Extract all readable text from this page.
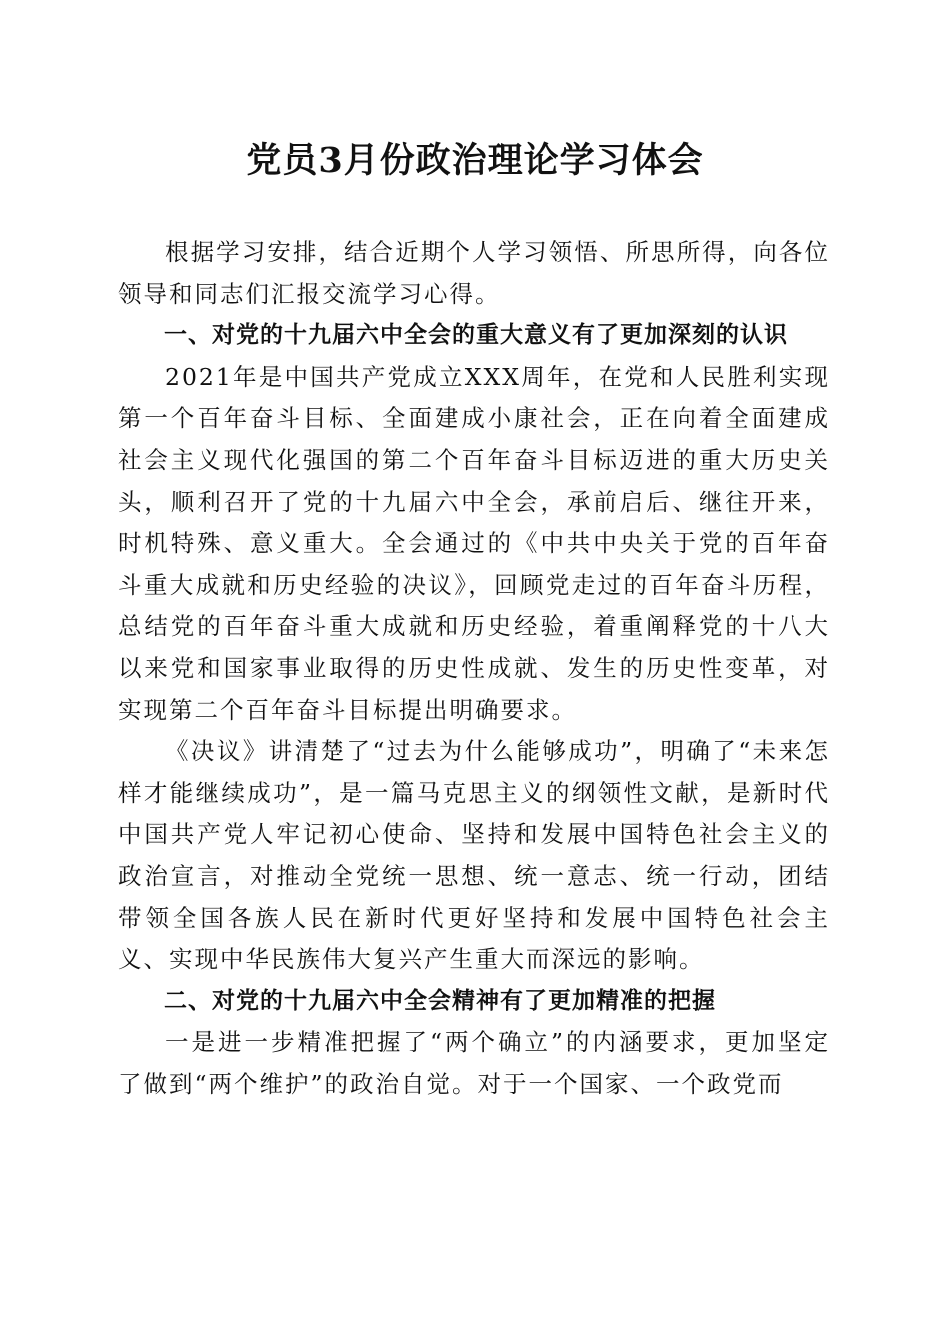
党员3月份政治理论学习体会

根据学习安排，结合近期个人学习领悟、所思所得，向各位领导和同志们汇报交流学习心得。

一、对党的十九届六中全会的重大意义有了更加深刻的认识

2021年是中国共产党成立XXX周年，在党和人民胜利实现第一个百年奋斗目标、全面建成小康社会，正在向着全面建成社会主义现代化强国的第二个百年奋斗目标迈进的重大历史关头，顺利召开了党的十九届六中全会，承前启后、继往开来，时机特殊、意义重大。全会通过的《中共中央关于党的百年奋斗重大成就和历史经验的决议》，回顾党走过的百年奋斗历程，总结党的百年奋斗重大成就和历史经验，着重阐释党的十八大以来党和国家事业取得的历史性成就、发生的历史性变革，对实现第二个百年奋斗目标提出明确要求。

《决议》讲清楚了“过去为什么能够成功”，明确了“未来怎样才能继续成功”，是一篇马克思主义的纲领性文献，是新时代中国共产党人牢记初心使命、坚持和发展中国特色社会主义的政治宣言，对推动全党统一思想、统一意志、统一行动，团结带领全国各族人民在新时代更好坚持和发展中国特色社会主义、实现中华民族伟大复兴产生重大而深远的影响。

二、对党的十九届六中全会精神有了更加精准的把握

一是进一步精准把握了“两个确立”的内涵要求，更加坚定了做到“两个维护”的政治自觉。对于一个国家、一个政党而
